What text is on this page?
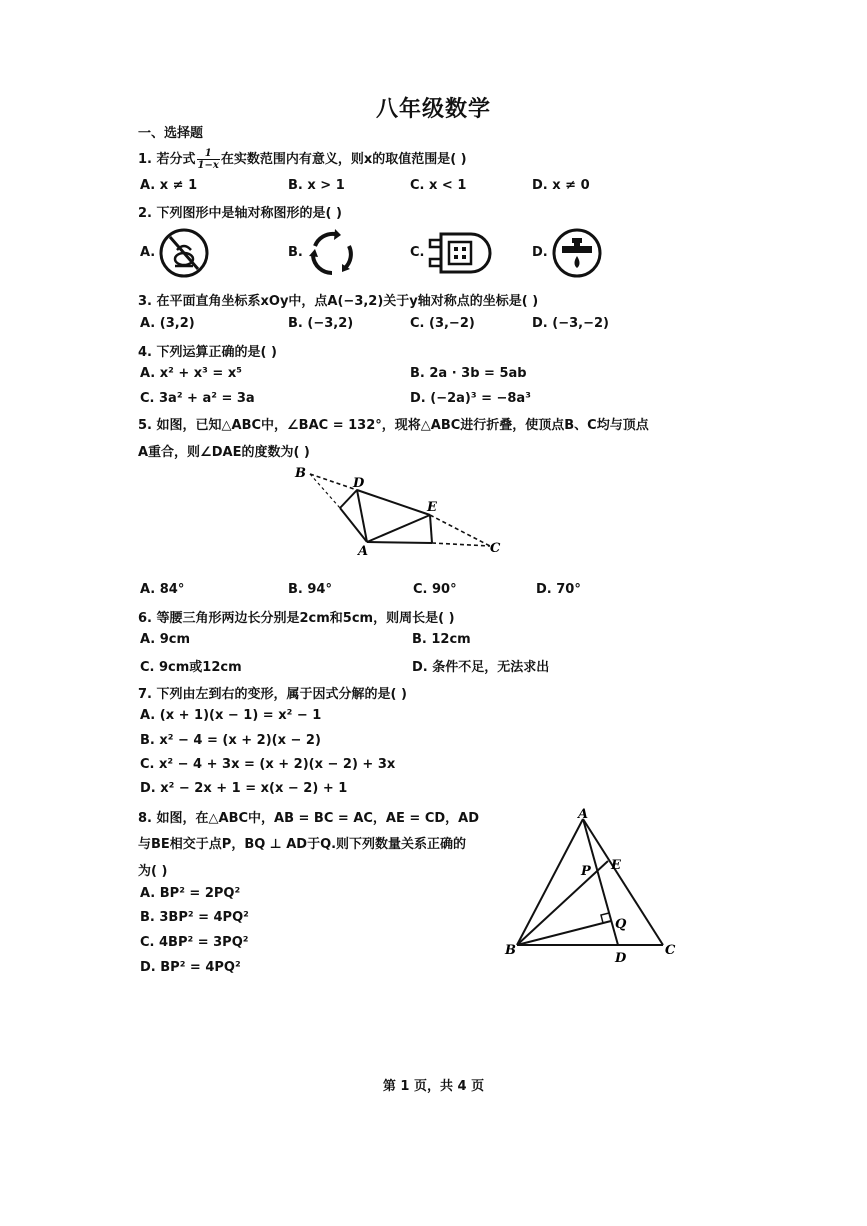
八年级数学
一、选择题
1. 若分式 $\frac{1}{1-x}$ 在实数范围内有意义，则x的取值范围是( )
A. x ≠ 1	B. x > 1	C. x < 1	D. x ≠ 0
2. 下列图形中是轴对称图形的是( )
A.	B.	C.	D.
3. 在平面直角坐标系xOy中，点A(−3,2)关于y轴对称点的坐标是( )
A. (3,2)	B. (−3,2)	C. (3,−2)	D. (−3,−2)
4. 下列运算正确的是( )
A. x² + x³ = x⁵	B. 2a · 3b = 5ab
C. 3a² + a² = 3a	D. (−2a)³ = −8a³
5. 如图，已知△ABC中，∠BAC = 132°，现将△ABC进行折叠，使顶点B、C均与顶点
A重合，则∠DAE的度数为( )
B
D
E
A	C
A. 84°	B. 94°	C. 90°	D. 70°
6. 等腰三角形两边长分别是2cm和5cm，则周长是( )
A. 9cm	B. 12cm
C. 9cm或12cm	D. 条件不足，无法求出
7. 下列由左到右的变形，属于因式分解的是( )
A. (x + 1)(x − 1) = x² − 1
B. x² − 4 = (x + 2)(x − 2)
C. x² − 4 + 3x = (x + 2)(x − 2) + 3x
D. x² − 2x + 1 = x(x − 2) + 1
8. 如图，在△ABC中，AB = BC = AC，AE = CD，AD
与BE相交于点P，BQ ⊥ AD于Q.则下列数量关系正确的
为( )
A. BP² = 2PQ²
B. 3BP² = 4PQ²
C. 4BP² = 3PQ²
D. BP² = 4PQ²
A
E
P
Q
B
D
C
第 1 页，共 4 页
